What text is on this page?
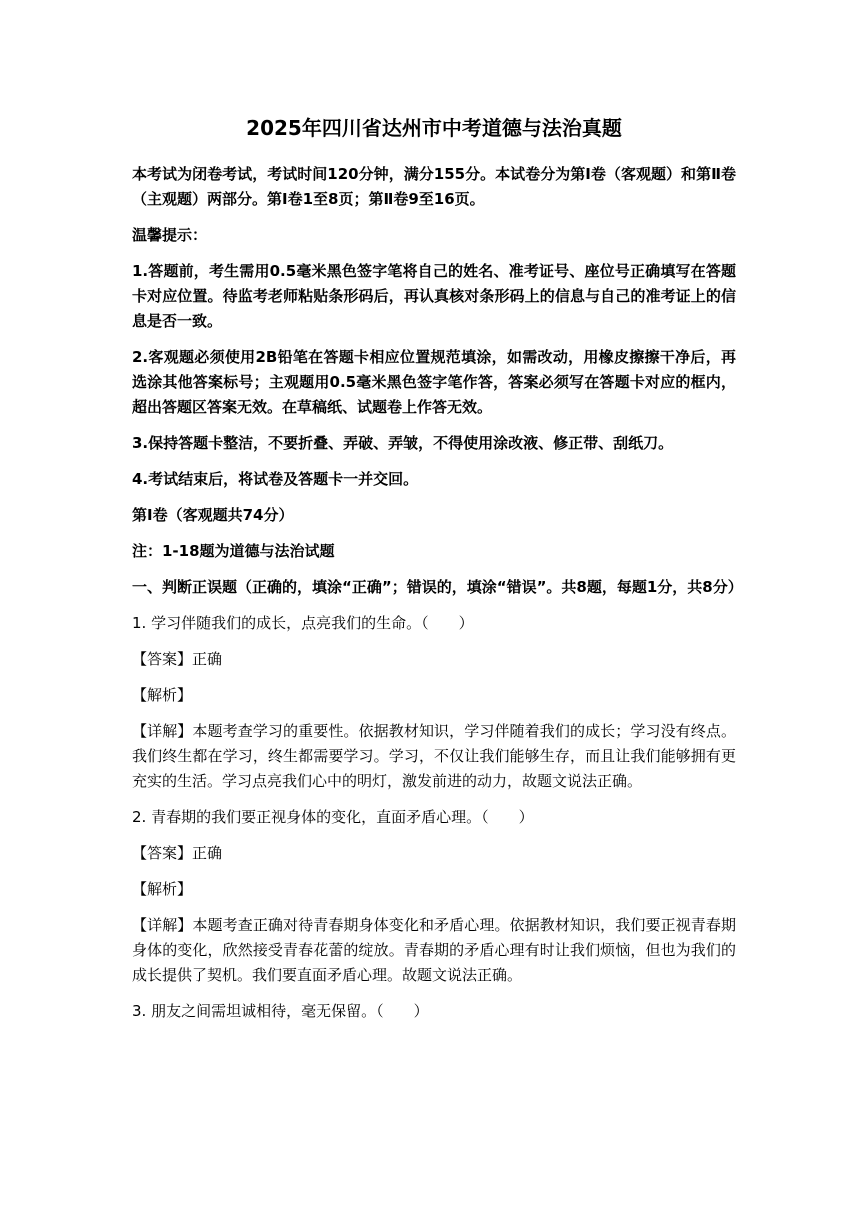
2025年四川省达州市中考道德与法治真题
本考试为闭卷考试，考试时间120分钟，满分155分。本试卷分为第Ⅰ卷（客观题）和第Ⅱ卷（主观题）两部分。第Ⅰ卷1至8页；第Ⅱ卷9至16页。
温馨提示：
1.答题前，考生需用0.5毫米黑色签字笔将自己的姓名、准考证号、座位号正确填写在答题卡对应位置。待监考老师粘贴条形码后，再认真核对条形码上的信息与自己的准考证上的信息是否一致。
2.客观题必须使用2B铅笔在答题卡相应位置规范填涂，如需改动，用橡皮擦擦干净后，再选涂其他答案标号；主观题用0.5毫米黑色签字笔作答，答案必须写在答题卡对应的框内，超出答题区答案无效。在草稿纸、试题卷上作答无效。
3.保持答题卡整洁，不要折叠、弄破、弄皱，不得使用涂改液、修正带、刮纸刀。
4.考试结束后，将试卷及答题卡一并交回。
第Ⅰ卷（客观题共74分）
注：1-18题为道德与法治试题
一、判断正误题（正确的，填涂“正确”；错误的，填涂“错误”。共8题，每题1分，共8分）
1. 学习伴随我们的成长，点亮我们的生命。（　　）
【答案】正确
【解析】
【详解】本题考查学习的重要性。依据教材知识，学习伴随着我们的成长；学习没有终点。我们终生都在学习，终生都需要学习。学习，不仅让我们能够生存，而且让我们能够拥有更充实的生活。学习点亮我们心中的明灯，激发前进的动力，故题文说法正确。
2. 青春期的我们要正视身体的变化，直面矛盾心理。（　　）
【答案】正确
【解析】
【详解】本题考查正确对待青春期身体变化和矛盾心理。依据教材知识，我们要正视青春期身体的变化，欣然接受青春花蕾的绽放。青春期的矛盾心理有时让我们烦恼，但也为我们的成长提供了契机。我们要直面矛盾心理。故题文说法正确。
3. 朋友之间需坦诚相待，毫无保留。（　　）
